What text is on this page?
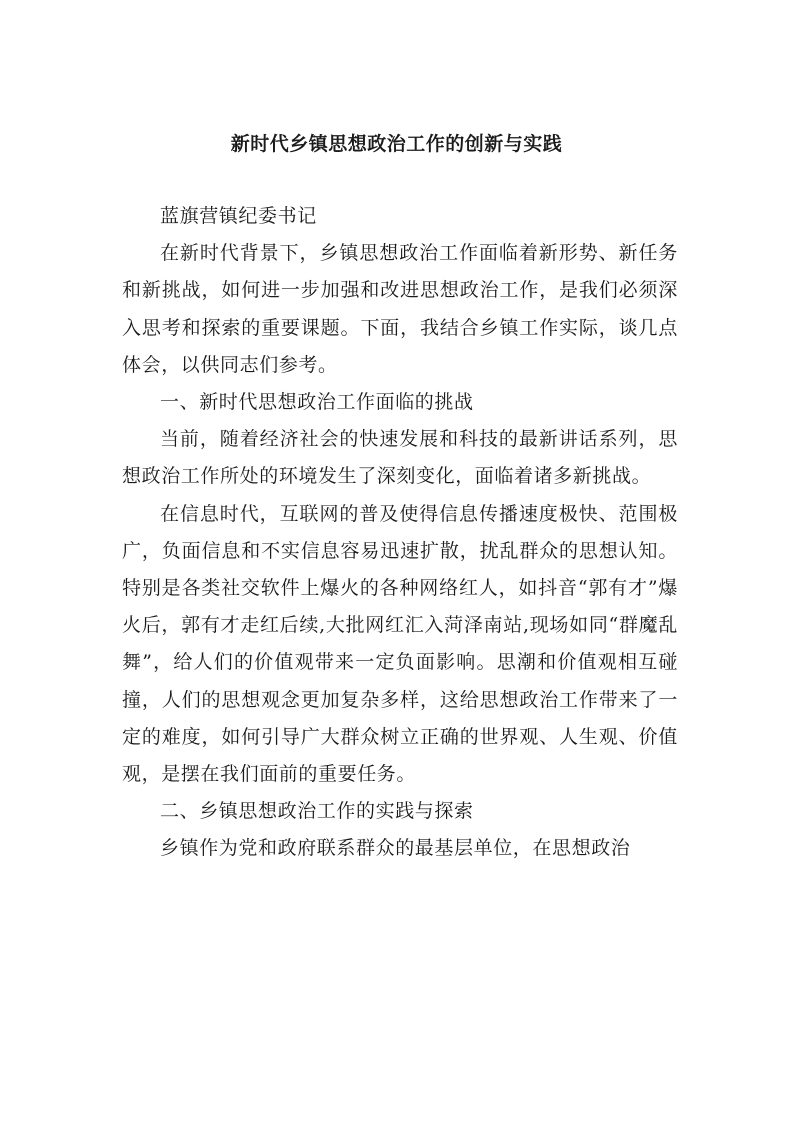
新时代乡镇思想政治工作的创新与实践

蓝旗营镇纪委书记

在新时代背景下，乡镇思想政治工作面临着新形势、新任务和新挑战，如何进一步加强和改进思想政治工作，是我们必须深入思考和探索的重要课题。下面，我结合乡镇工作实际，谈几点体会，以供同志们参考。

一、新时代思想政治工作面临的挑战

当前，随着经济社会的快速发展和科技的最新讲话系列，思想政治工作所处的环境发生了深刻变化，面临着诸多新挑战。

在信息时代，互联网的普及使得信息传播速度极快、范围极广，负面信息和不实信息容易迅速扩散，扰乱群众的思想认知。特别是各类社交软件上爆火的各种网络红人，如抖音“郭有才”爆火后，郭有才走红后续,大批网红汇入菏泽南站,现场如同“群魔乱舞”，给人们的价值观带来一定负面影响。思潮和价值观相互碰撞，人们的思想观念更加复杂多样，这给思想政治工作带来了一定的难度，如何引导广大群众树立正确的世界观、人生观、价值观，是摆在我们面前的重要任务。

二、乡镇思想政治工作的实践与探索

乡镇作为党和政府联系群众的最基层单位，在思想政治
